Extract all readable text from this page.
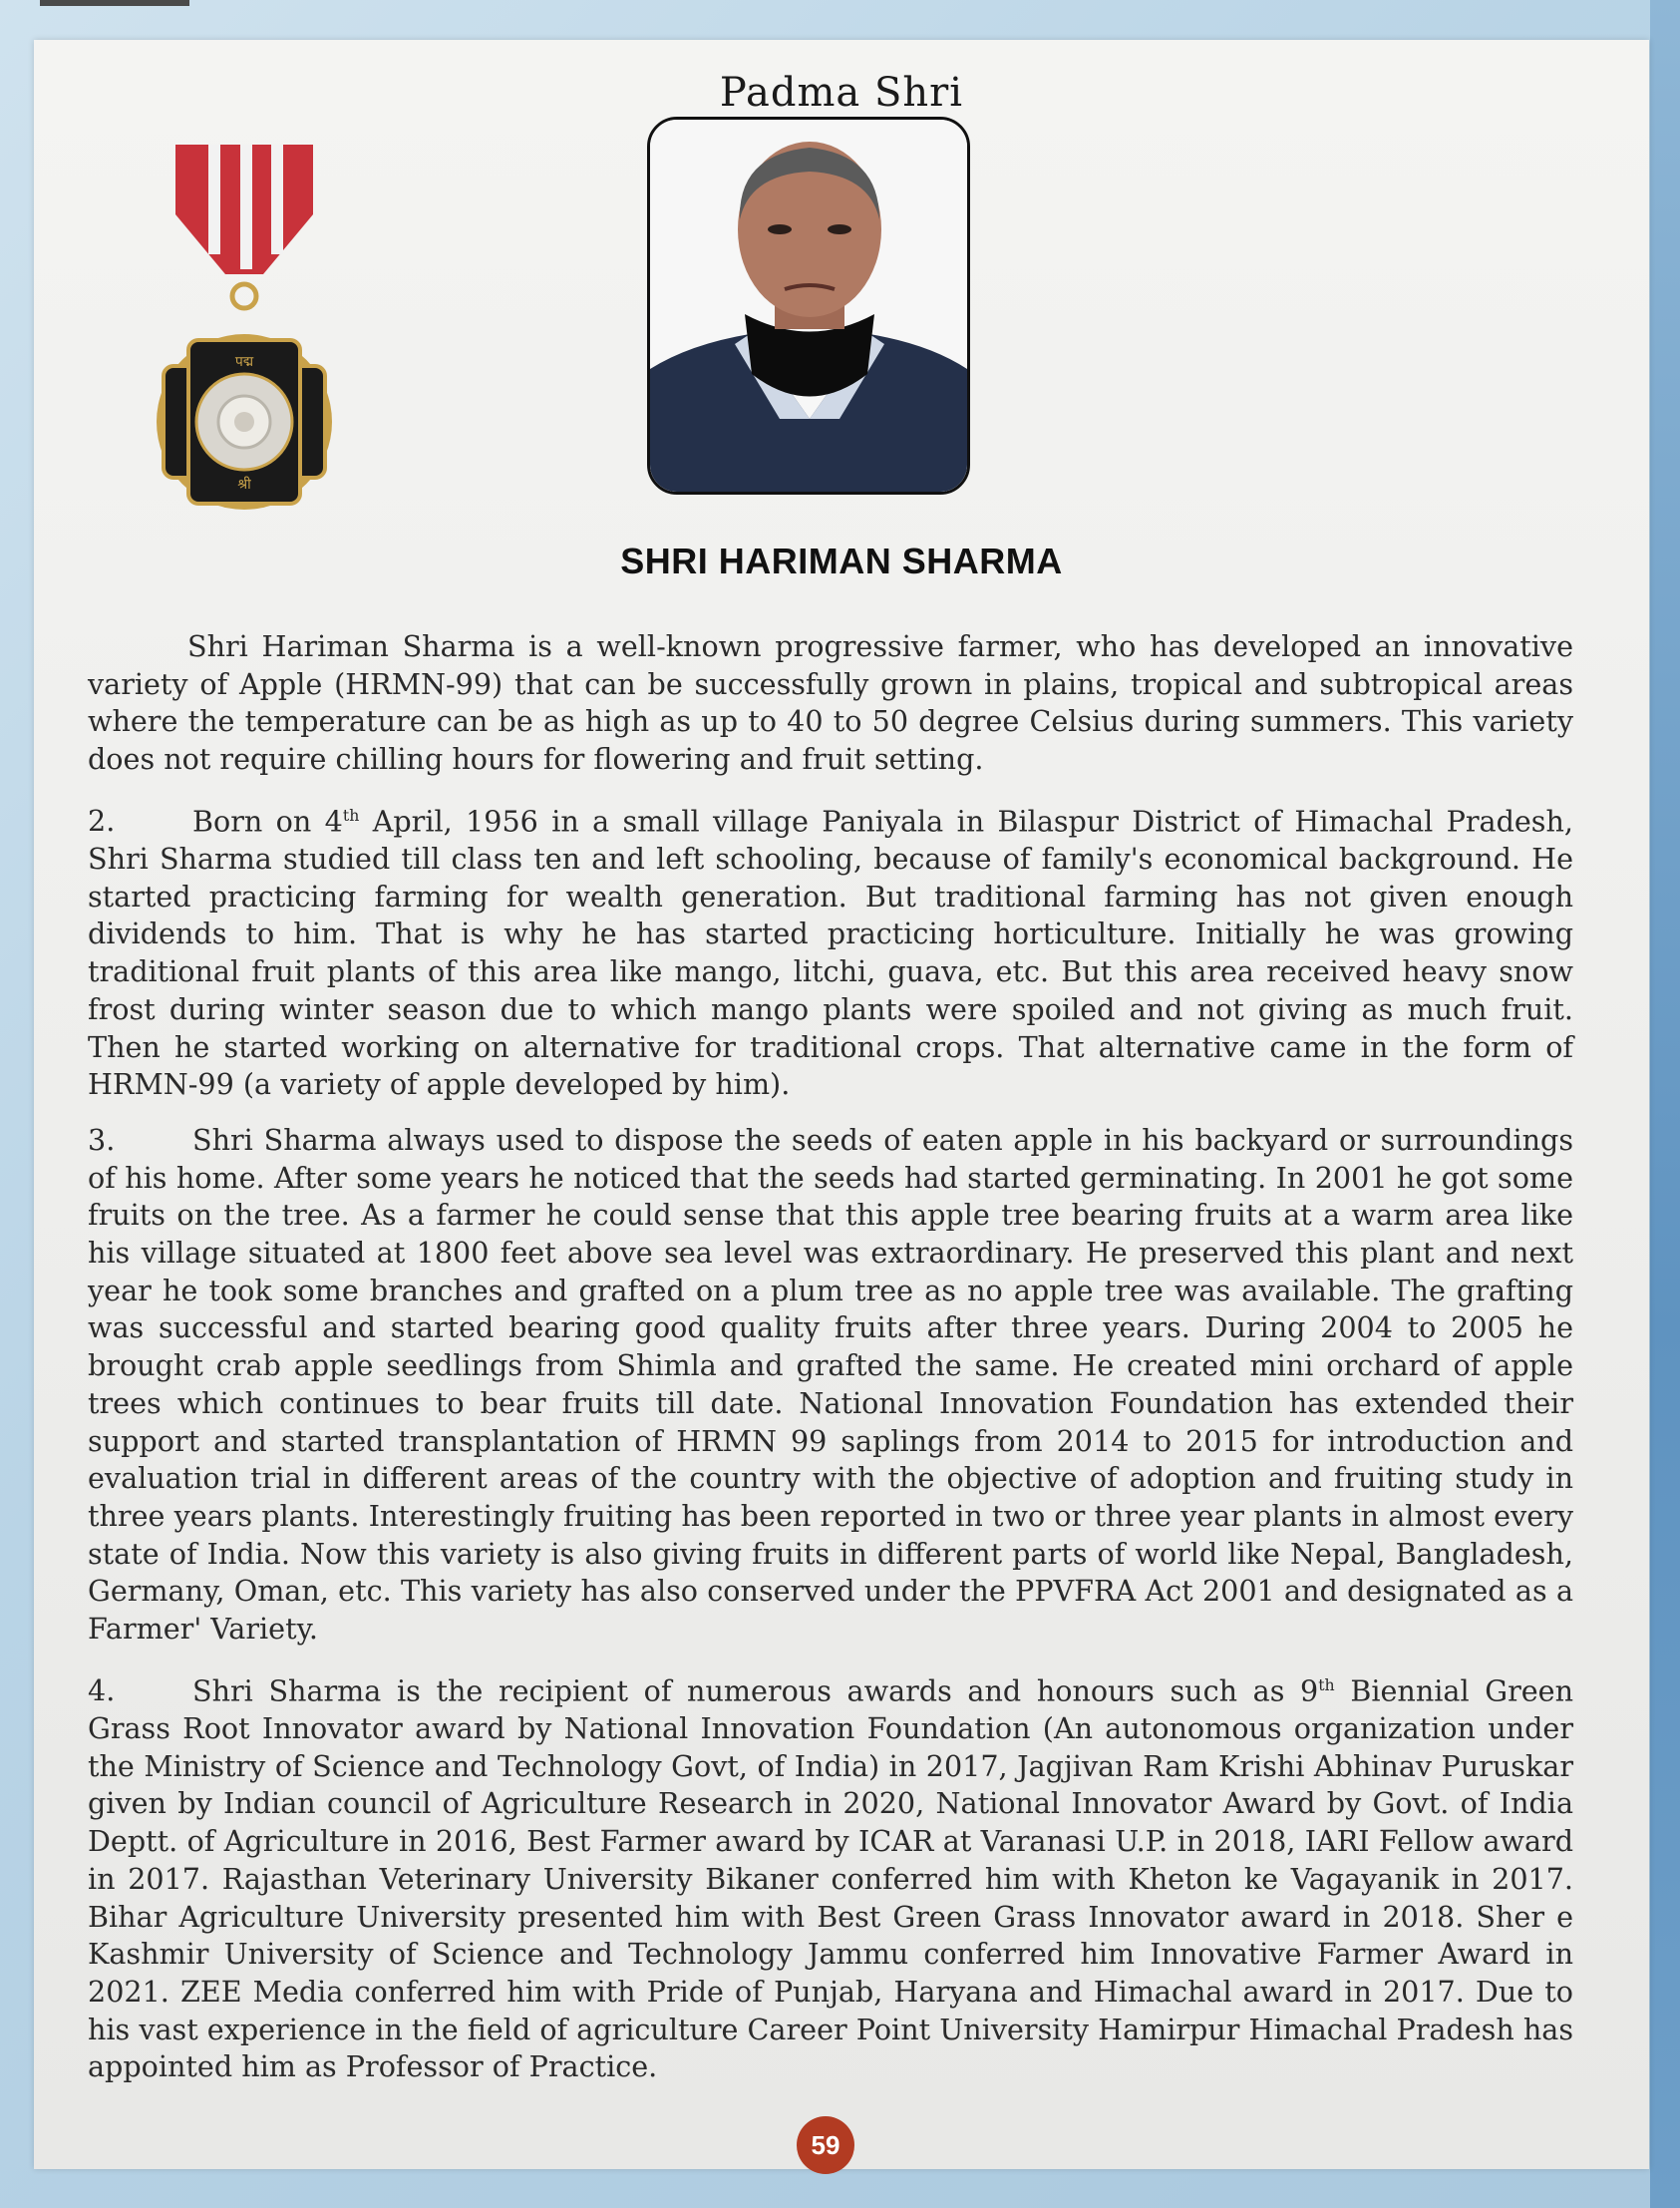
Padma Shri
पद्म
श्री
SHRI HARIMAN SHARMA

Shri Hariman Sharma is a well-known progressive farmer, who has developed an innovative variety of Apple (HRMN-99) that can be successfully grown in plains, tropical and subtropical areas where the temperature can be as high as up to 40 to 50 degree Celsius during summers. This variety does not require chilling hours for flowering and fruit setting.

2.	Born on 4th April, 1956 in a small village Paniyala in Bilaspur District of Himachal Pradesh, Shri Sharma studied till class ten and left schooling, because of family's economical background. He started practicing farming for wealth generation. But traditional farming has not given enough dividends to him. That is why he has started practicing horticulture. Initially he was growing traditional fruit plants of this area like mango, litchi, guava, etc. But this area received heavy snow frost during winter season due to which mango plants were spoiled and not giving as much fruit. Then he started working on alternative for traditional crops. That alternative came in the form of HRMN-99 (a variety of apple developed by him).

3.	Shri Sharma always used to dispose the seeds of eaten apple in his backyard or surroundings of his home. After some years he noticed that the seeds had started germinating. In 2001 he got some fruits on the tree. As a farmer he could sense that this apple tree bearing fruits at a warm area like his village situated at 1800 feet above sea level was extraordinary. He preserved this plant and next year he took some branches and grafted on a plum tree as no apple tree was available. The grafting was successful and started bearing good quality fruits after three years. During 2004 to 2005 he brought crab apple seedlings from Shimla and grafted the same. He created mini orchard of apple trees which continues to bear fruits till date. National Innovation Foundation has extended their support and started transplantation of HRMN 99 saplings from 2014 to 2015 for introduction and evaluation trial in different areas of the country with the objective of adoption and fruiting study in three years plants. Interestingly fruiting has been reported in two or three year plants in almost every state of India. Now this variety is also giving fruits in different parts of world like Nepal, Bangladesh, Germany, Oman, etc. This variety has also conserved under the PPVFRA Act 2001 and designated as a Farmer' Variety.

4.	Shri Sharma is the recipient of numerous awards and honours such as 9th Biennial Green Grass Root Innovator award by National Innovation Foundation (An autonomous organization under the Ministry of Science and Technology Govt, of India) in 2017, Jagjivan Ram Krishi Abhinav Puruskar given by Indian council of Agriculture Research in 2020, National Innovator Award by Govt. of India Deptt. of Agriculture in 2016, Best Farmer award by ICAR at Varanasi U.P. in 2018, IARI Fellow award in 2017. Rajasthan Veterinary University Bikaner conferred him with Kheton ke Vagayanik in 2017. Bihar Agriculture University presented him with Best Green Grass Innovator award in 2018. Sher e Kashmir University of Science and Technology Jammu conferred him Innovative Farmer Award in 2021. ZEE Media conferred him with Pride of Punjab, Haryana and Himachal award in 2017. Due to his vast experience in the field of agriculture Career Point University Hamirpur Himachal Pradesh has appointed him as Professor of Practice.

59
